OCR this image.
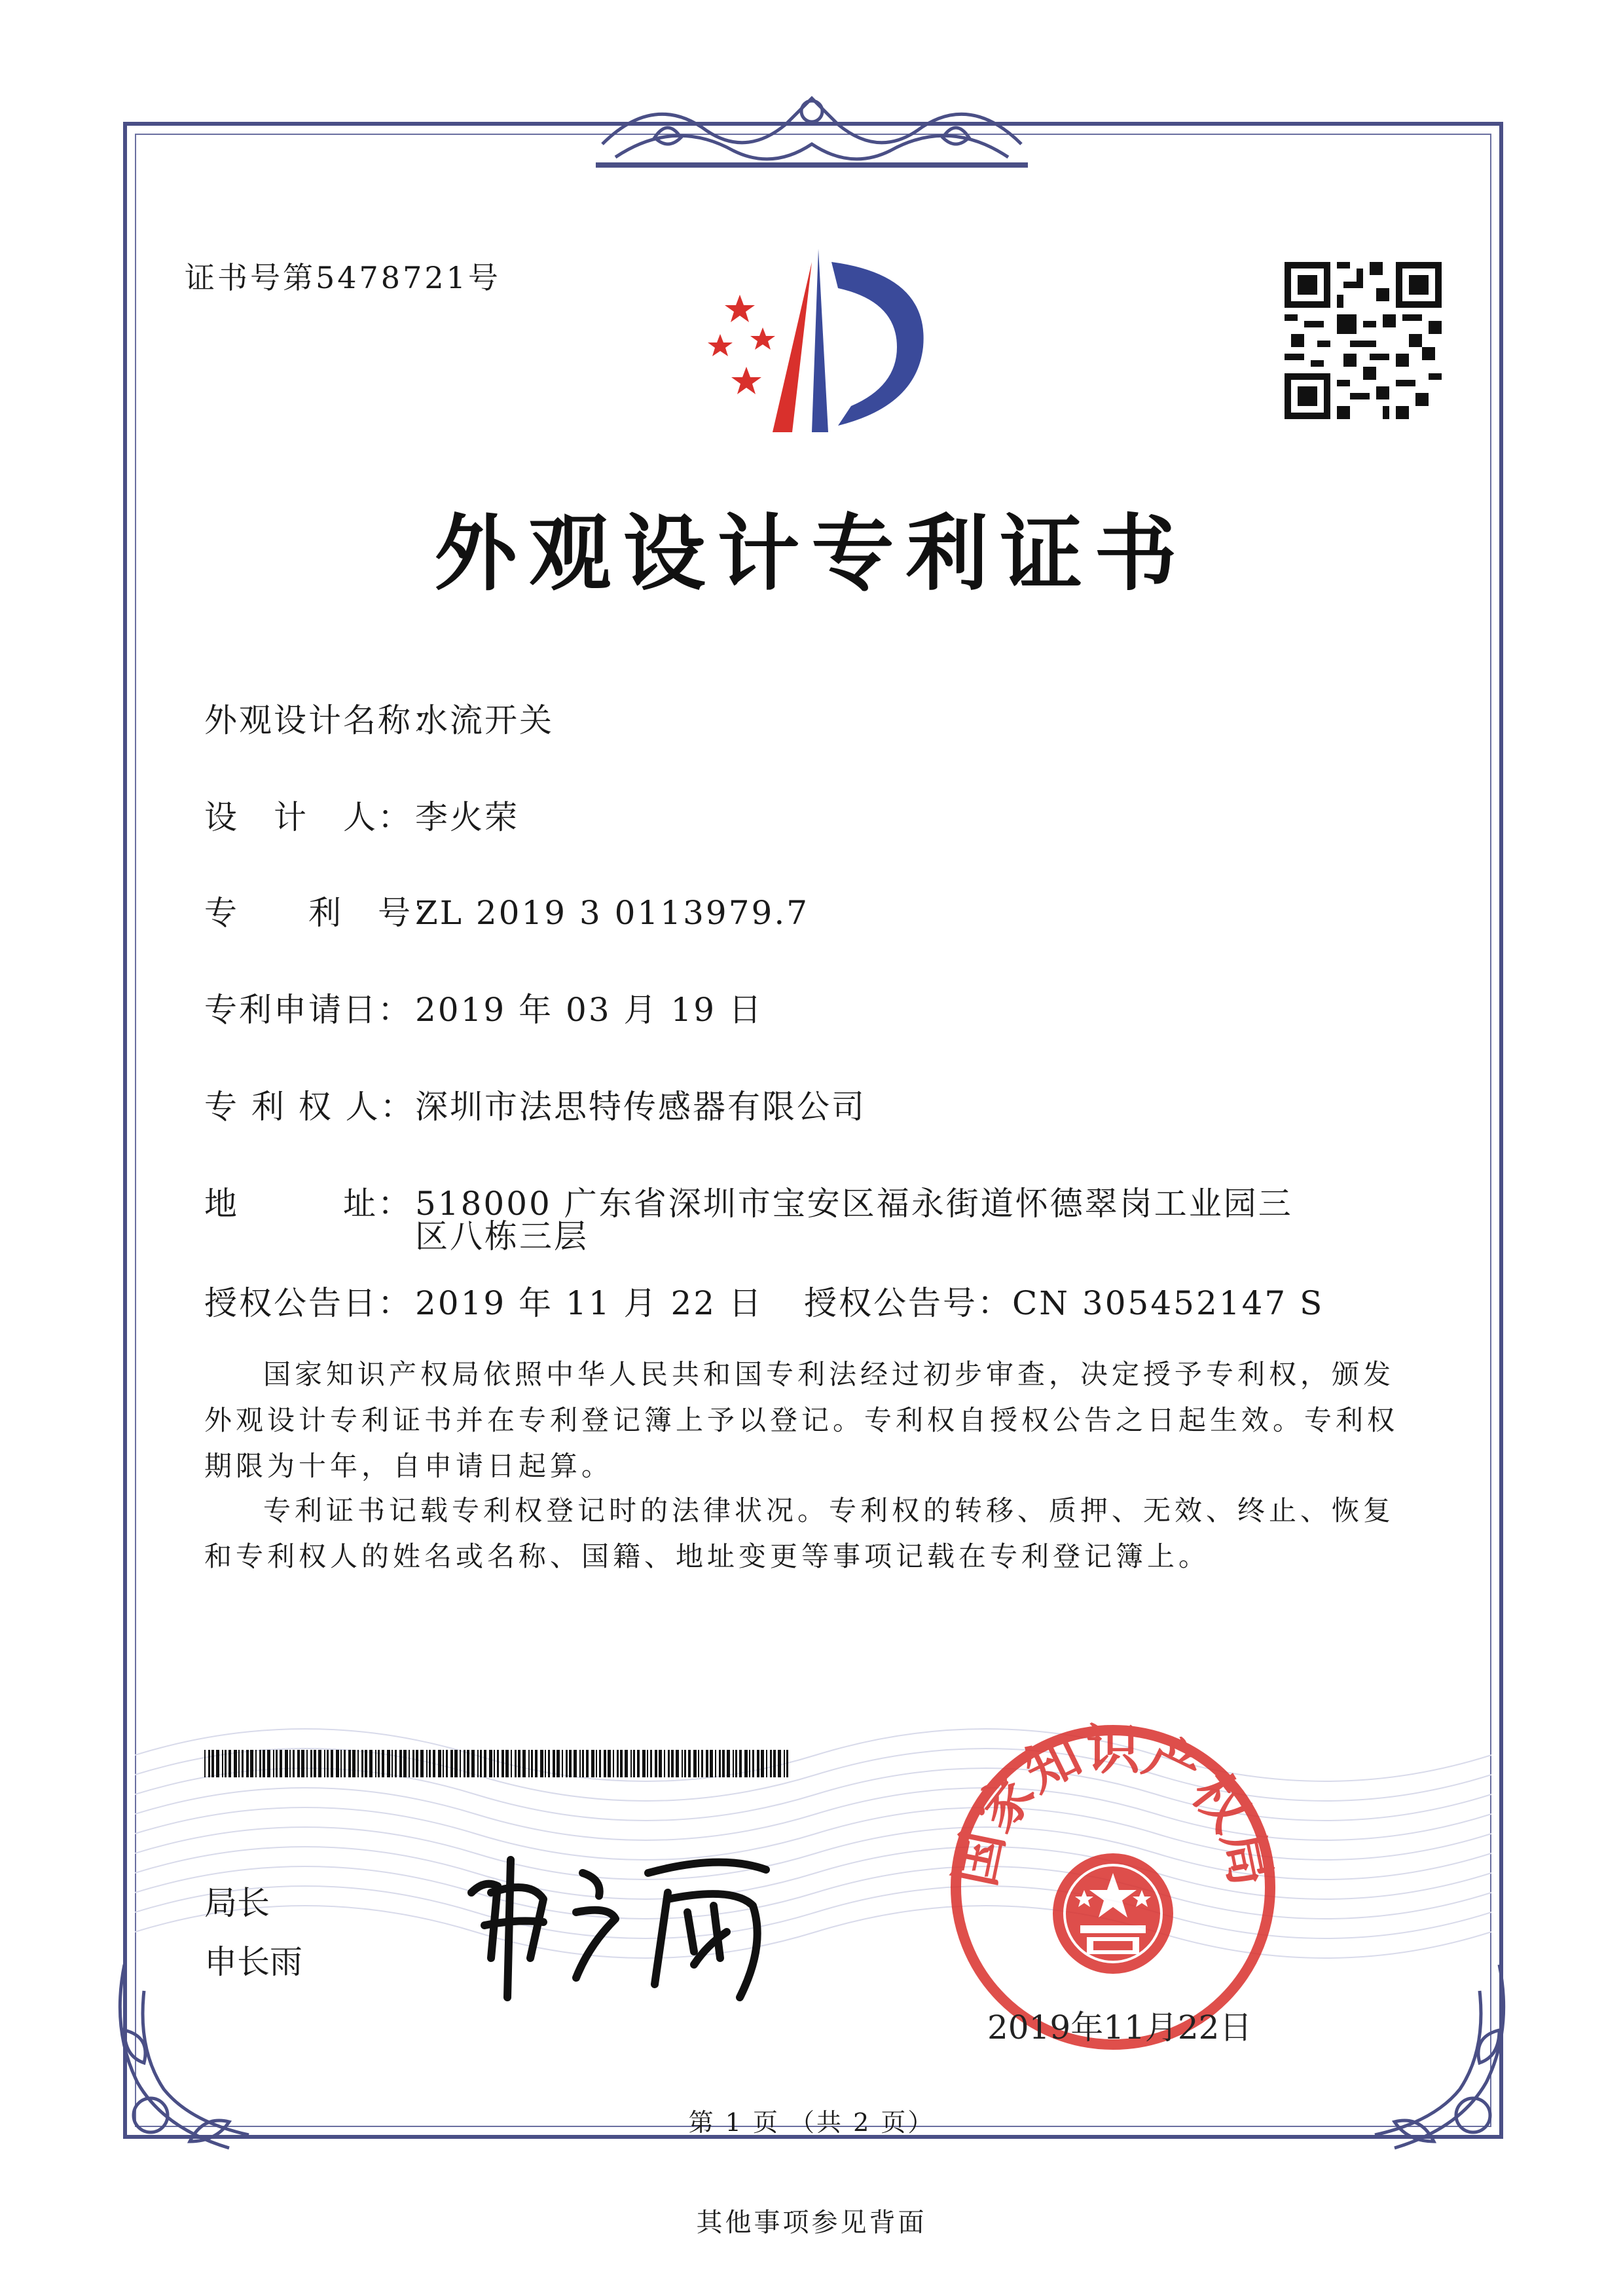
证书号第5478721号
外观设计专利证书
外观设计名称：水流开关
设　计　人：李火荣
专　　利　号：ZL 2019 3 0113979.7
专利申请日：2019 年 03 月 19 日
专 利 权 人：深圳市法思特传感器有限公司
地　　　址：518000 广东省深圳市宝安区福永街道怀德翠岗工业园三
区八栋三层
授权公告日：2019 年 11 月 22 日 授权公告号：CN 305452147 S
国家知识产权局依照中华人民共和国专利法经过初步审查，决定授予专利权，颁发外观设计专利证书并在专利登记簿上予以登记。专利权自授权公告之日起生效。专利权期限为十年，自申请日起算。
专利证书记载专利权登记时的法律状况。专利权的转移、质押、无效、终止、恢复和专利权人的姓名或名称、国籍、地址变更等事项记载在专利登记簿上。
局长
申长雨
国家知识产权局
2019年11月22日
第 1 页 （共 2 页）
其他事项参见背面
